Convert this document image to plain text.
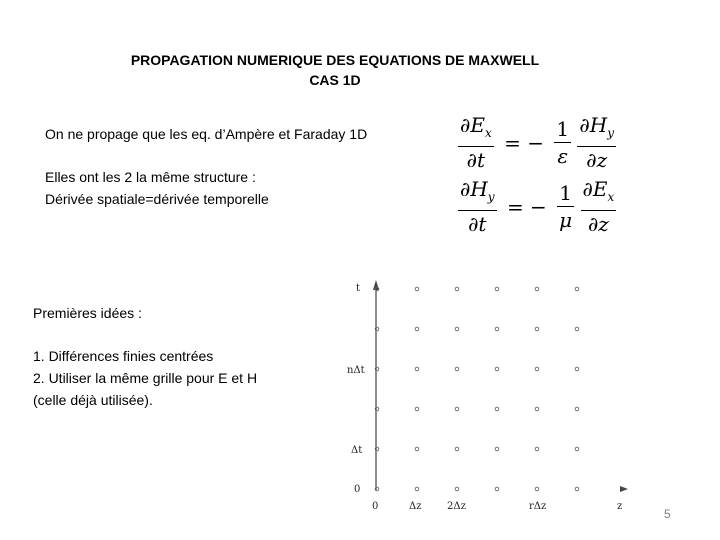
PROPAGATION NUMERIQUE DES EQUATIONS DE MAXWELL
CAS 1D
On ne propage que les eq. d’Ampère et Faraday 1D
Elles ont les 2 la même structure :
Dérivée spatiale=dérivée temporelle
Premières idées :
1. Différences finies centrées
2. Utiliser la même grille pour E et H
(celle déjà utilisée).
$\frac{\partial E_x}{\partial t}$ = − $\frac{1}{\varepsilon}$
$\frac{\partial H_y}{\partial z}$
$\frac{\partial H_y}{\partial t}$ = − $\frac{1}{\mu}$
$\frac{\partial E_x}{\partial z}$
t
z
0
Δt
nΔt
0	Δz	2Δz	rΔz
5
